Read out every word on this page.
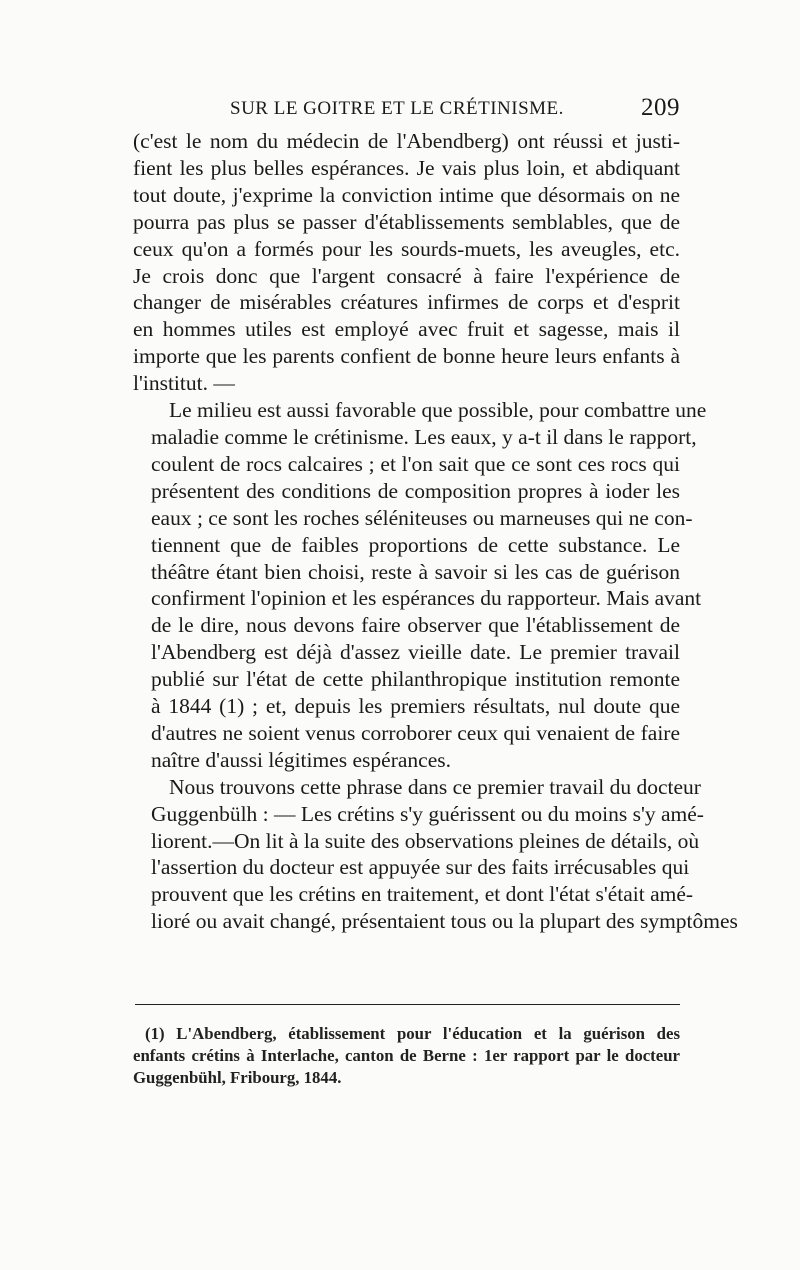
SUR LE GOITRE ET LE CRÉTINISME.	209

(c'est le nom du médecin de l'Abendberg) ont réussi et justi-
fient les plus belles espérances. Je vais plus loin, et abdiquant
tout doute, j'exprime la conviction intime que désormais on ne
pourra pas plus se passer d'établissements semblables, que de
ceux qu'on a formés pour les sourds-muets, les aveugles, etc.
Je crois donc que l'argent consacré à faire l'expérience de
changer de misérables créatures infirmes de corps et d'esprit
en hommes utiles est employé avec fruit et sagesse, mais il
importe que les parents confient de bonne heure leurs enfants à
l'institut. —

Le milieu est aussi favorable que possible, pour combattre une
maladie comme le crétinisme. Les eaux, y a-t il dans le rapport,
coulent de rocs calcaires ; et l'on sait que ce sont ces rocs qui
présentent des conditions de composition propres à ioder les
eaux ; ce sont les roches séléniteuses ou marneuses qui ne con-
tiennent que de faibles proportions de cette substance. Le
théâtre étant bien choisi, reste à savoir si les cas de guérison
confirment l'opinion et les espérances du rapporteur. Mais avant
de le dire, nous devons faire observer que l'établissement de
l'Abendberg est déjà d'assez vieille date. Le premier travail
publié sur l'état de cette philanthropique institution remonte
à 1844 (1) ; et, depuis les premiers résultats, nul doute que
d'autres ne soient venus corroborer ceux qui venaient de faire
naître d'aussi légitimes espérances.

Nous trouvons cette phrase dans ce premier travail du docteur
Guggenbülh : — Les crétins s'y guérissent ou du moins s'y amé-
liorent.—On lit à la suite des observations pleines de détails, où
l'assertion du docteur est appuyée sur des faits irrécusables qui
prouvent que les crétins en traitement, et dont l'état s'était amé-
lioré ou avait changé, présentaient tous ou la plupart des symptômes

(1) L'Abendberg, établissement pour l'éducation et la guérison des
enfants crétins à Interlache, canton de Berne : 1er rapport par le docteur
Guggenbühl, Fribourg, 1844.
